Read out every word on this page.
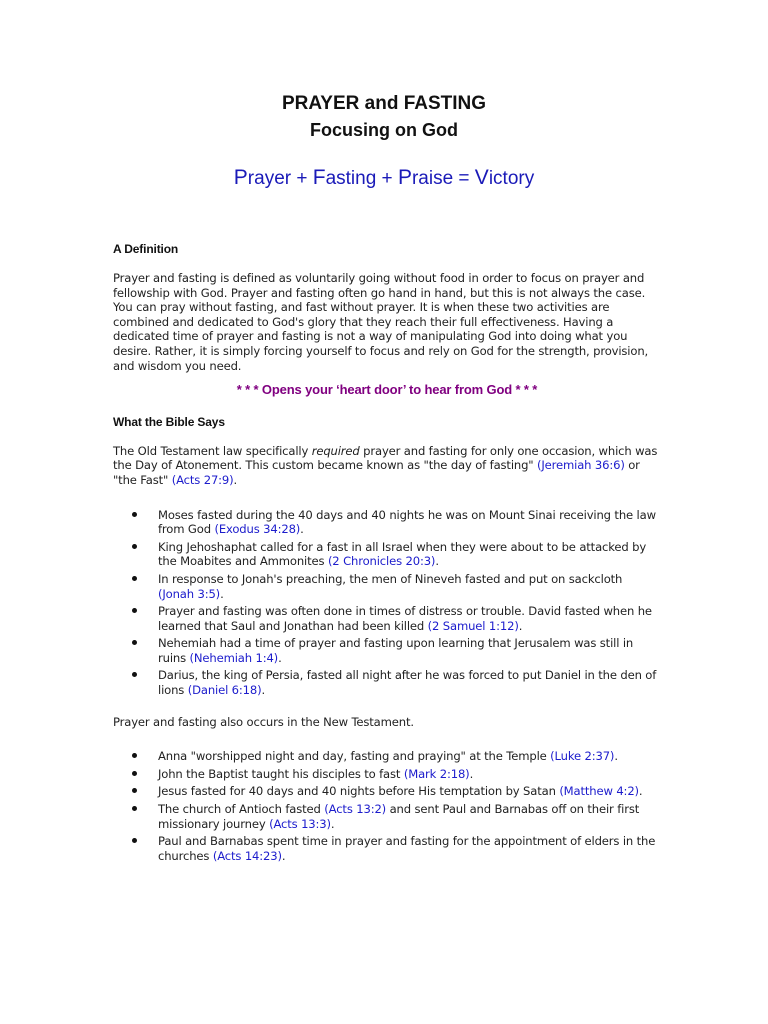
PRAYER and FASTING
Focusing on God
Prayer + Fasting + Praise = Victory
A Definition

Prayer and fasting is defined as voluntarily going without food in order to focus on prayer and fellowship with God. Prayer and fasting often go hand in hand, but this is not always the case. You can pray without fasting, and fast without prayer. It is when these two activities are combined and dedicated to God's glory that they reach their full effectiveness. Having a dedicated time of prayer and fasting is not a way of manipulating God into doing what you desire. Rather, it is simply forcing yourself to focus and rely on God for the strength, provision, and wisdom you need.

* * * Opens your ‘heart door’ to hear from God * * *

What the Bible Says

The Old Testament law specifically required prayer and fasting for only one occasion, which was the Day of Atonement. This custom became known as "the day of fasting" (Jeremiah 36:6) or "the Fast" (Acts 27:9).

Moses fasted during the 40 days and 40 nights he was on Mount Sinai receiving the law from God (Exodus 34:28).
King Jehoshaphat called for a fast in all Israel when they were about to be attacked by the Moabites and Ammonites (2 Chronicles 20:3).
In response to Jonah's preaching, the men of Nineveh fasted and put on sackcloth (Jonah 3:5).
Prayer and fasting was often done in times of distress or trouble. David fasted when he learned that Saul and Jonathan had been killed (2 Samuel 1:12).
Nehemiah had a time of prayer and fasting upon learning that Jerusalem was still in ruins (Nehemiah 1:4).
Darius, the king of Persia, fasted all night after he was forced to put Daniel in the den of lions (Daniel 6:18).

Prayer and fasting also occurs in the New Testament.

Anna "worshipped night and day, fasting and praying" at the Temple (Luke 2:37).
John the Baptist taught his disciples to fast (Mark 2:18).
Jesus fasted for 40 days and 40 nights before His temptation by Satan (Matthew 4:2).
The church of Antioch fasted (Acts 13:2) and sent Paul and Barnabas off on their first missionary journey (Acts 13:3).
Paul and Barnabas spent time in prayer and fasting for the appointment of elders in the churches (Acts 14:23).
